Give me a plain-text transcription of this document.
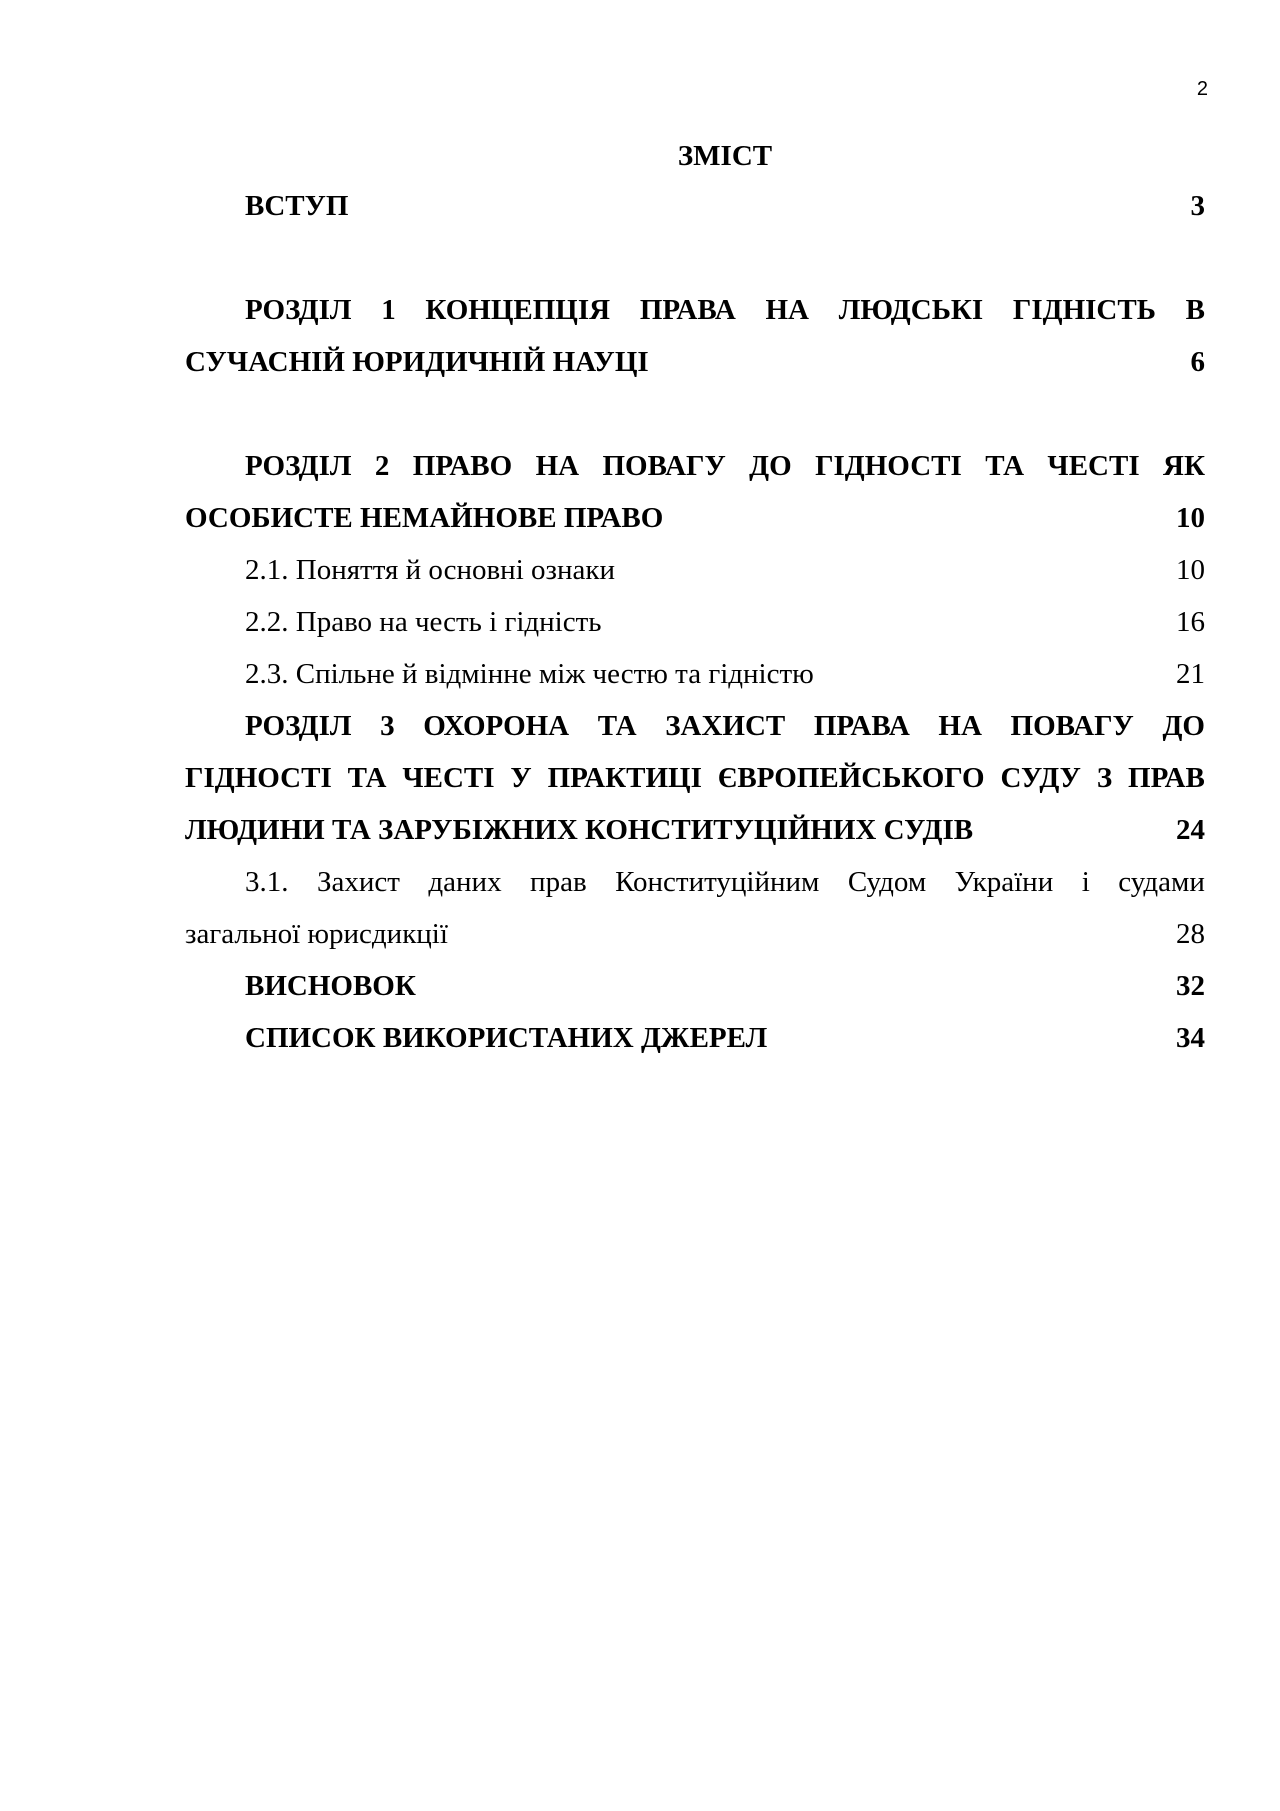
2
ЗМІСТ
ВСТУП	3
РОЗДІЛ 1 КОНЦЕПЦІЯ ПРАВА НА ЛЮДСЬКІ ГІДНІСТЬ В
СУЧАСНІЙ ЮРИДИЧНІЙ НАУЦІ	6
РОЗДІЛ 2 ПРАВО НА ПОВАГУ ДО ГІДНОСТІ ТА ЧЕСТІ ЯК
ОСОБИСТЕ НЕМАЙНОВЕ ПРАВО	10
2.1. Поняття й основні ознаки	10
2.2. Право на честь і гідність	16
2.3. Спільне й відмінне між честю та гідністю	21
РОЗДІЛ 3 ОХОРОНА ТА ЗАХИСТ ПРАВА НА ПОВАГУ ДО
ГІДНОСТІ ТА ЧЕСТІ У ПРАКТИЦІ ЄВРОПЕЙСЬКОГО СУДУ З ПРАВ
ЛЮДИНИ ТА ЗАРУБІЖНИХ КОНСТИТУЦІЙНИХ СУДІВ	24
3.1. Захист даних прав Конституційним Судом України і судами
загальної юрисдикції	28
ВИСНОВОК	32
СПИСОК ВИКОРИСТАНИХ ДЖЕРЕЛ	34
